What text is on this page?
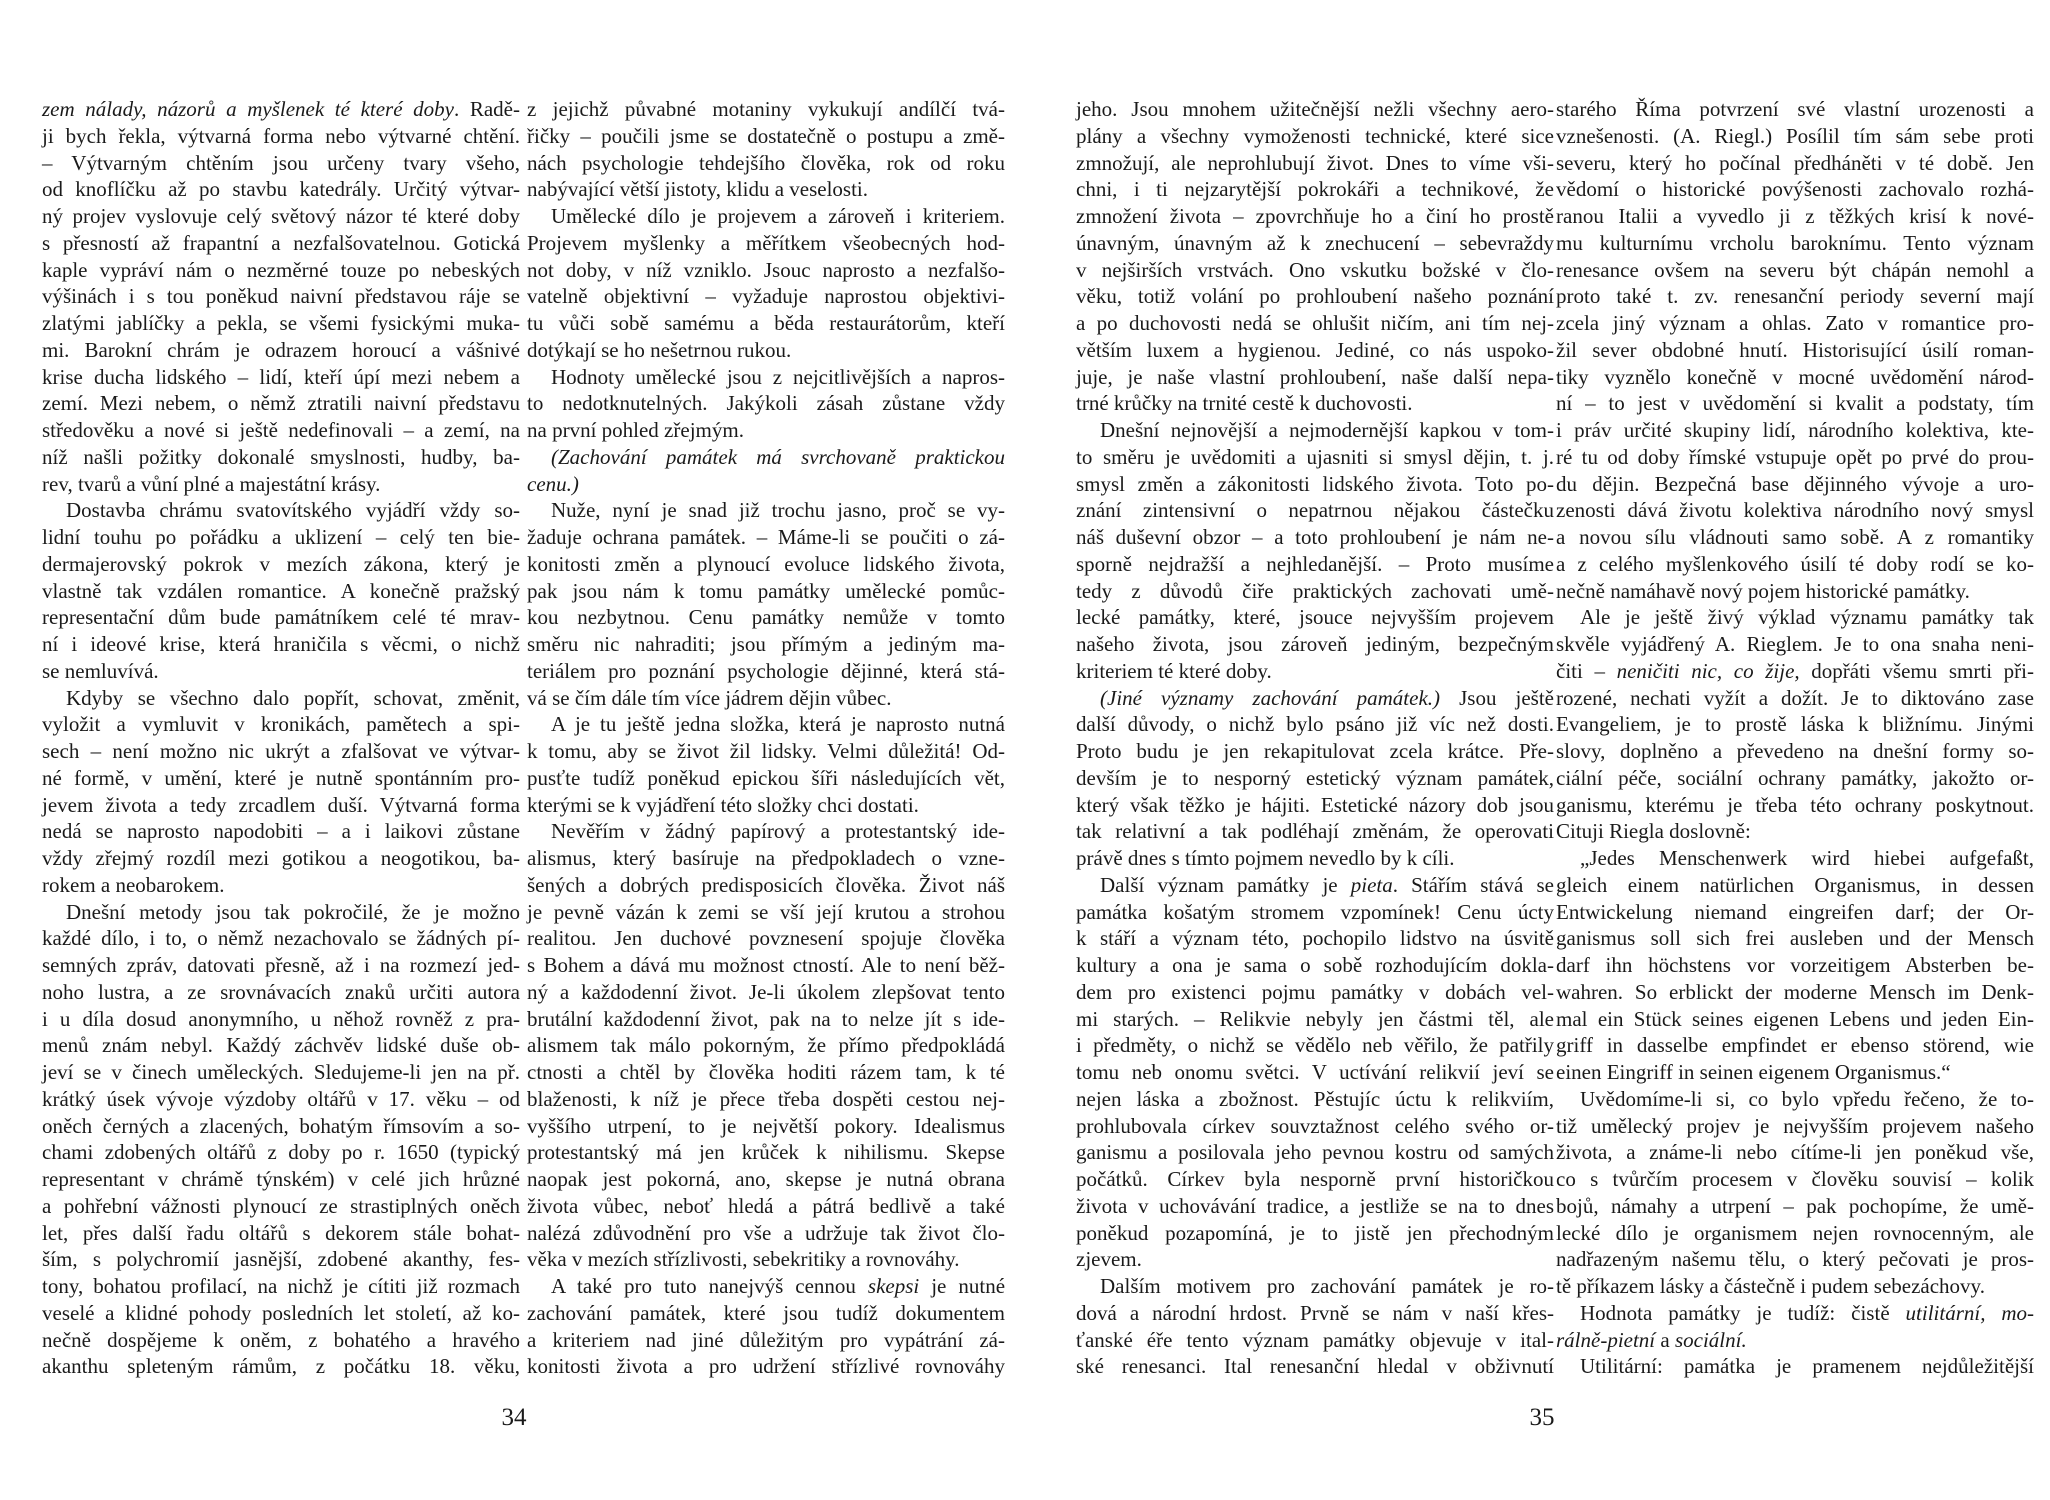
zem nálady, názorů a myšlenek té které doby. Radě-
ji bych řekla, výtvarná forma nebo výtvarné chtění.
– Výtvarným chtěním jsou určeny tvary všeho,
od knoflíčku až po stavbu katedrály. Určitý výtvar-
ný projev vyslovuje celý světový názor té které doby
s přesností až frapantní a nezfalšovatelnou. Gotická
kaple vypráví nám o nezměrné touze po nebeských
výšinách i s tou poněkud naivní představou ráje se
zlatými jablíčky a pekla, se všemi fysickými muka-
mi. Barokní chrám je odrazem horoucí a vášnivé
krise ducha lidského – lidí, kteří úpí mezi nebem a
zemí. Mezi nebem, o němž ztratili naivní představu
středověku a nové si ještě nedefinovali – a zemí, na
níž našli požitky dokonalé smyslnosti, hudby, ba-
rev, tvarů a vůní plné a majestátní krásy.
Dostavba chrámu svatovítského vyjádří vždy so-
lidní touhu po pořádku a uklizení – celý ten bie-
dermajerovský pokrok v mezích zákona, který je
vlastně tak vzdálen romantice. A konečně pražský
representační dům bude památníkem celé té mrav-
ní i ideové krise, která hraničila s věcmi, o nichž
se nemluvívá.
Kdyby se všechno dalo popřít, schovat, změnit,
vyložit a vymluvit v kronikách, pamětech a spi-
sech – není možno nic ukrýt a zfalšovat ve výtvar-
né formě, v umění, které je nutně spontánním pro-
jevem života a tedy zrcadlem duší. Výtvarná forma
nedá se naprosto napodobiti – a i laikovi zůstane
vždy zřejmý rozdíl mezi gotikou a neogotikou, ba-
rokem a neobarokem.
Dnešní metody jsou tak pokročilé, že je možno
každé dílo, i to, o němž nezachovalo se žádných pí-
semných zpráv, datovati přesně, až i na rozmezí jed-
noho lustra, a ze srovnávacích znaků určiti autora
i u díla dosud anonymního, u něhož rovněž z pra-
menů znám nebyl. Každý záchvěv lidské duše ob-
jeví se v činech uměleckých. Sledujeme-li jen na př.
krátký úsek vývoje výzdoby oltářů v 17. věku – od
oněch černých a zlacených, bohatým římsovím a so-
chami zdobených oltářů z doby po r. 1650 (typický
representant v chrámě týnském) v celé jich hrůzné
a pohřební vážnosti plynoucí ze strastiplných oněch
let, přes další řadu oltářů s dekorem stále bohat-
ším, s polychromií jasnější, zdobené akanthy, fes-
tony, bohatou profilací, na nichž je cítiti již rozmach
veselé a klidné pohody posledních let století, až ko-
nečně dospějeme k oněm, z bohatého a hravého
akanthu spleteným rámům, z počátku 18. věku,
z jejichž půvabné motaniny vykukují andílčí tvá-
řičky – poučili jsme se dostatečně o postupu a změ-
nách psychologie tehdejšího člověka, rok od roku
nabývající větší jistoty, klidu a veselosti.
Umělecké dílo je projevem a zároveň i kriteriem.
Projevem myšlenky a měřítkem všeobecných hod-
not doby, v níž vzniklo. Jsouc naprosto a nezfalšo-
vatelně objektivní – vyžaduje naprostou objektivi-
tu vůči sobě samému a běda restaurátorům, kteří
dotýkají se ho nešetrnou rukou.
Hodnoty umělecké jsou z nejcitlivějších a napros-
to nedotknutelných. Jakýkoli zásah zůstane vždy
na první pohled zřejmým.
(Zachování památek má svrchovaně praktickou
cenu.)
Nuže, nyní je snad již trochu jasno, proč se vy-
žaduje ochrana památek. – Máme-li se poučiti o zá-
konitosti změn a plynoucí evoluce lidského života,
pak jsou nám k tomu památky umělecké pomůc-
kou nezbytnou. Cenu památky nemůže v tomto
směru nic nahraditi; jsou přímým a jediným ma-
teriálem pro poznání psychologie dějinné, která stá-
vá se čím dále tím více jádrem dějin vůbec.
A je tu ještě jedna složka, která je naprosto nutná
k tomu, aby se život žil lidsky. Velmi důležitá! Od-
pusťte tudíž poněkud epickou šíři následujících vět,
kterými se k vyjádření této složky chci dostati.
Nevěřím v žádný papírový a protestantský ide-
alismus, který basíruje na předpokladech o vzne-
šených a dobrých predisposicích člověka. Život náš
je pevně vázán k zemi se vší její krutou a strohou
realitou. Jen duchové povznesení spojuje člověka
s Bohem a dává mu možnost ctností. Ale to není běž-
ný a každodenní život. Je-li úkolem zlepšovat tento
brutální každodenní život, pak na to nelze jít s ide-
alismem tak málo pokorným, že přímo předpokládá
ctnosti a chtěl by člověka hoditi rázem tam, k té
blaženosti, k níž je přece třeba dospěti cestou nej-
vyššího utrpení, to je největší pokory. Idealismus
protestantský má jen krůček k nihilismu. Skepse
naopak jest pokorná, ano, skepse je nutná obrana
života vůbec, neboť hledá a pátrá bedlivě a také
nalézá zdůvodnění pro vše a udržuje tak život člo-
věka v mezích střízlivosti, sebekritiky a rovnováhy.
A také pro tuto nanejvýš cennou skepsi je nutné
zachování památek, které jsou tudíž dokumentem
a kriteriem nad jiné důležitým pro vypátrání zá-
konitosti života a pro udržení střízlivé rovnováhy
jeho. Jsou mnohem užitečnější nežli všechny aero-
plány a všechny vymoženosti technické, které sice
zmnožují, ale neprohlubují život. Dnes to víme vši-
chni, i ti nejzarytější pokrokáři a technikové, že
zmnožení života – zpovrchňuje ho a činí ho prostě
únavným, únavným až k znechucení – sebevraždy
v nejširších vrstvách. Ono vskutku božské v člo-
věku, totiž volání po prohloubení našeho poznání
a po duchovosti nedá se ohlušit ničím, ani tím nej-
větším luxem a hygienou. Jediné, co nás uspoko-
juje, je naše vlastní prohloubení, naše další nepa-
trné krůčky na trnité cestě k duchovosti.
Dnešní nejnovější a nejmodernější kapkou v tom-
to směru je uvědomiti a ujasniti si smysl dějin, t. j.
smysl změn a zákonitosti lidského života. Toto po-
znání zintensivní o nepatrnou nějakou částečku
náš duševní obzor – a toto prohloubení je nám ne-
sporně nejdražší a nejhledanější. – Proto musíme
tedy z důvodů čiře praktických zachovati umě-
lecké památky, které, jsouce nejvyšším projevem
našeho života, jsou zároveň jediným, bezpečným
kriteriem té které doby.
(Jiné významy zachování památek.) Jsou ještě
další důvody, o nichž bylo psáno již víc než dosti.
Proto budu je jen rekapitulovat zcela krátce. Pře-
devším je to nesporný estetický význam památek,
který však těžko je hájiti. Estetické názory dob jsou
tak relativní a tak podléhají změnám, že operovati
právě dnes s tímto pojmem nevedlo by k cíli.
Další význam památky je pieta. Stářím stává se
památka košatým stromem vzpomínek! Cenu úcty
k stáří a význam této, pochopilo lidstvo na úsvitě
kultury a ona je sama o sobě rozhodujícím dokla-
dem pro existenci pojmu památky v dobách vel-
mi starých. – Relikvie nebyly jen částmi těl, ale
i předměty, o nichž se vědělo neb věřilo, že patřily
tomu neb onomu světci. V uctívání relikvií jeví se
nejen láska a zbožnost. Pěstujíc úctu k relikviím,
prohlubovala církev souvztažnost celého svého or-
ganismu a posilovala jeho pevnou kostru od samých
počátků. Církev byla nesporně první historičkou
života v uchovávání tradice, a jestliže se na to dnes
poněkud pozapomíná, je to jistě jen přechodným
zjevem.
Dalším motivem pro zachování památek je ro-
dová a národní hrdost. Prvně se nám v naší křes-
ťanské éře tento význam památky objevuje v ital-
ské renesanci. Ital renesanční hledal v obživnutí
starého Říma potvrzení své vlastní urozenosti a
vznešenosti. (A. Riegl.) Posílil tím sám sebe proti
severu, který ho počínal předháněti v té době. Jen
vědomí o historické povýšenosti zachovalo rozhá-
ranou Italii a vyvedlo ji z těžkých krisí k nové-
mu kulturnímu vrcholu baroknímu. Tento význam
renesance ovšem na severu být chápán nemohl a
proto také t. zv. renesanční periody severní mají
zcela jiný význam a ohlas. Zato v romantice pro-
žil sever obdobné hnutí. Historisující úsilí roman-
tiky vyznělo konečně v mocné uvědomění národ-
ní – to jest v uvědomění si kvalit a podstaty, tím
i práv určité skupiny lidí, národního kolektiva, kte-
ré tu od doby římské vstupuje opět po prvé do prou-
du dějin. Bezpečná base dějinného vývoje a uro-
zenosti dává životu kolektiva národního nový smysl
a novou sílu vládnouti samo sobě. A z romantiky
a z celého myšlenkového úsilí té doby rodí se ko-
nečně namáhavě nový pojem historické památky.
Ale je ještě živý výklad významu památky tak
skvěle vyjádřený A. Rieglem. Je to ona snaha neni-
čiti – neničiti nic, co žije, dopřáti všemu smrti při-
rozené, nechati vyžít a dožít. Je to diktováno zase
Evangeliem, je to prostě láska k bližnímu. Jinými
slovy, doplněno a převedeno na dnešní formy so-
ciální péče, sociální ochrany památky, jakožto or-
ganismu, kterému je třeba této ochrany poskytnout.
Cituji Riegla doslovně:
„Jedes Menschenwerk wird hiebei aufgefaßt,
gleich einem natürlichen Organismus, in dessen
Entwickelung niemand eingreifen darf; der Or-
ganismus soll sich frei ausleben und der Mensch
darf ihn höchstens vor vorzeitigem Absterben be-
wahren. So erblickt der moderne Mensch im Denk-
mal ein Stück seines eigenen Lebens und jeden Ein-
griff in dasselbe empfindet er ebenso störend, wie
einen Eingriff in seinen eigenem Organismus.“
Uvědomíme-li si, co bylo vpředu řečeno, že to-
tiž umělecký projev je nejvyšším projevem našeho
života, a známe-li nebo cítíme-li jen poněkud vše,
co s tvůrčím procesem v člověku souvisí – kolik
bojů, námahy a utrpení – pak pochopíme, že umě-
lecké dílo je organismem nejen rovnocenným, ale
nadřazeným našemu tělu, o který pečovati je pros-
tě příkazem lásky a částečně i pudem sebezáchovy.
Hodnota památky je tudíž: čistě utilitární, mo-
rálně-pietní a sociální.
Utilitární: památka je pramenem nejdůležitější
34	35
